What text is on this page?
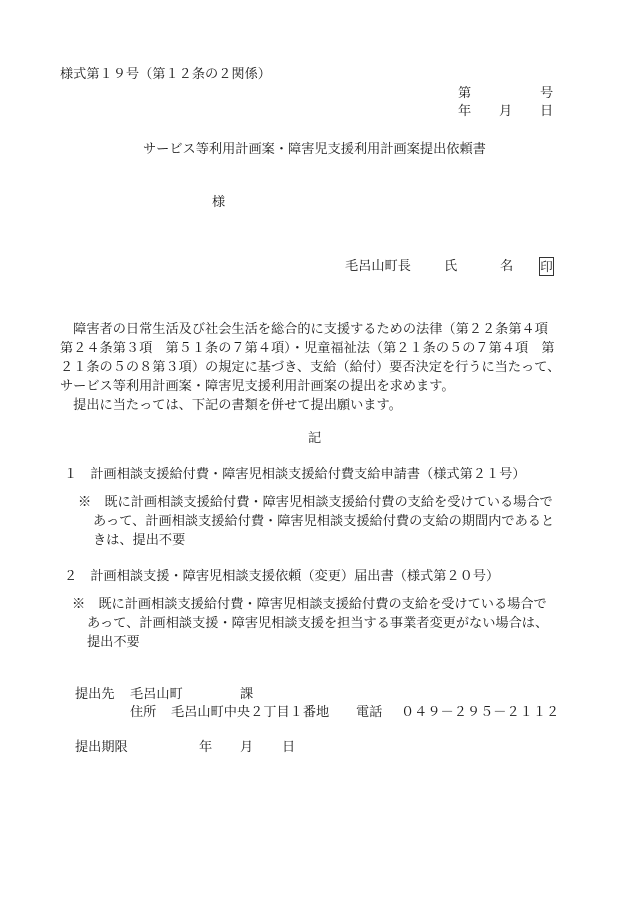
様式第１９号（第１２条の２関係）
第	号
年 月 日
サービス等利用計画案・障害児支援利用計画案提出依頼書
様
毛呂山町長	氏	名 印
　障害者の日常生活及び社会生活を総合的に支援するための法律（第２２条第４項
第２４条第３項　第５１条の７第４項）・児童福祉法（第２１条の５の７第４項　第
２１条の５の８第３項）の規定に基づき、支給（給付）要否決定を行うに当たって、
サービス等利用計画案・障害児支援利用計画案の提出を求めます。
　提出に当たっては、下記の書類を併せて提出願います。
記
１　計画相談支援給付費・障害児相談支援給付費支給申請書（様式第２１号）
※　既に計画相談支援給付費・障害児相談支援給付費の支給を受けている場合で
あって、計画相談支援給付費・障害児相談支援給付費の支給の期間内であると
きは、提出不要
２　計画相談支援・障害児相談支援依頼（変更）届出書（様式第２０号）
※　既に計画相談支援給付費・障害児相談支援給付費の支給を受けている場合で
あって、計画相談支援・障害児相談支援を担当する事業者変更がない場合は、
提出不要
提出先 毛呂山町	課
住所 毛呂山町中央２丁目１番地 電話 ０４９－２９５－２１１２
提出期限	年 月 日
